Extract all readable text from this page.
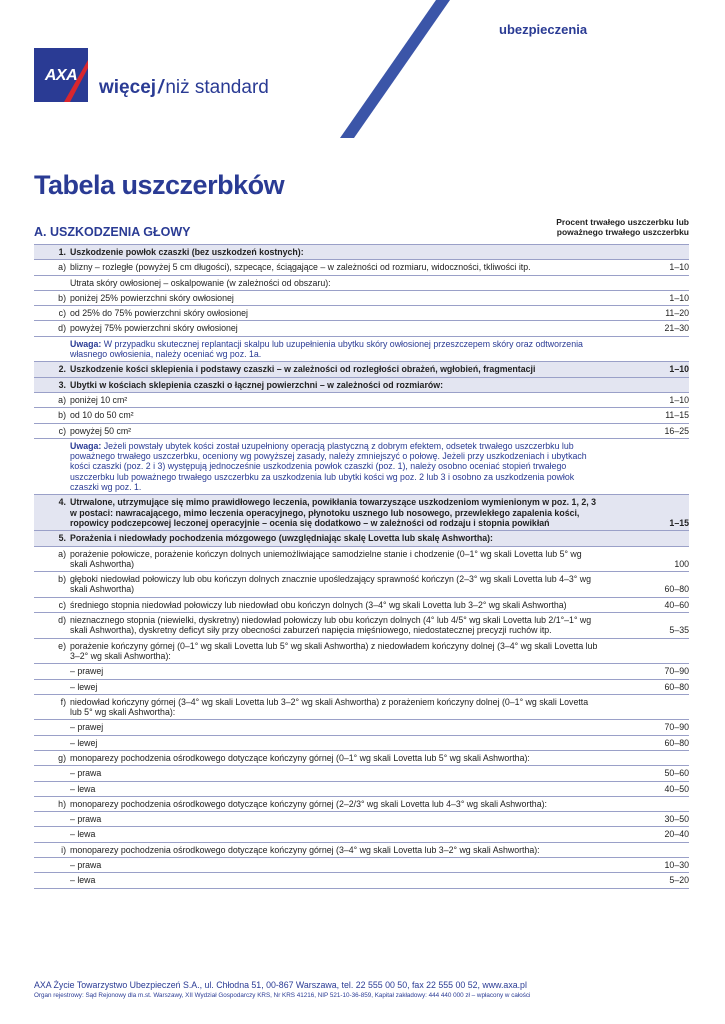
ubezpieczenia
AXA
więcej / niż standard
Tabela uszczerbków
A. USZKODZENIA GŁOWY
Procent trwałego uszczerbku lub poważnego trwałego uszczerbku
1.	Uszkodzenie powłok czaszki (bez uszkodzeń kostnych):	
a)	blizny – rozległe (powyżej 5 cm długości), szpecące, ściągające – w zależności od rozmiaru, widoczności, tkliwości itp.	1–10
	Utrata skóry owłosionej – oskalpowanie (w zależności od obszaru):	
b)	poniżej 25% powierzchni skóry owłosionej	1–10
c)	od 25% do 75% powierzchni skóry owłosionej	11–20
d)	powyżej 75% powierzchni skóry owłosionej	21–30
	Uwaga: W przypadku skutecznej replantacji skalpu lub uzupełnienia ubytku skóry owłosionej przeszczepem skóry oraz odtworzenia własnego owłosienia, należy oceniać wg poz. 1a.	
2.	Uszkodzenie kości sklepienia i podstawy czaszki – w zależności od rozległości obrażeń, wgłobień, fragmentacji	1–10
3.	Ubytki w kościach sklepienia czaszki o łącznej powierzchni – w zależności od rozmiarów:	
a)	poniżej 10 cm²	1–10
b)	od 10 do 50 cm²	11–15
c)	powyżej 50 cm²	16–25
	Uwaga: Jeżeli powstały ubytek kości został uzupełniony operacją plastyczną z dobrym efektem, odsetek trwałego uszczerbku lub poważnego trwałego uszczerbku, oceniony wg powyższej zasady, należy zmniejszyć o połowę. Jeżeli przy uszkodzeniach i ubytkach kości czaszki (poz. 2 i 3) występują jednocześnie uszkodzenia powłok czaszki (poz. 1), należy osobno oceniać stopień trwałego uszczerbku lub poważnego trwałego uszczerbku za uszkodzenia lub ubytki kości wg poz. 2 lub 3 i osobno za uszkodzenia powłok czaszki wg poz. 1.	
4.	Utrwalone, utrzymujące się mimo prawidłowego leczenia, powikłania towarzyszące uszkodzeniom wymienionym w poz. 1, 2, 3 w postaci: nawracającego, mimo leczenia operacyjnego, płynotoku usznego lub nosowego, przewlekłego zapalenia kości, ropowicy podczepcowej leczonej operacyjnie – ocenia się dodatkowo – w zależności od rodzaju i stopnia powikłań	1–15
5.	Porażenia i niedowłady pochodzenia mózgowego (uwzględniając skalę Lovetta lub skalę Ashwortha):	
a)	porażenie połowicze, porażenie kończyn dolnych uniemożliwiające samodzielne stanie i chodzenie (0–1° wg skali Lovetta lub 5° wg skali Ashwortha)	100
b)	głęboki niedowład połowiczy lub obu kończyn dolnych znacznie upośledzający sprawność kończyn (2–3° wg skali Lovetta lub 4–3° wg skali Ashwortha)	60–80
c)	średniego stopnia niedowład połowiczy lub niedowład obu kończyn dolnych (3–4° wg skali Lovetta lub 3–2° wg skali Ashwortha)	40–60
d)	nieznacznego stopnia (niewielki, dyskretny) niedowład połowiczy lub obu kończyn dolnych (4° lub 4/5° wg skali Lovetta lub 2/1°–1° wg skali Ashwortha), dyskretny deficyt siły przy obecności zaburzeń napięcia mięśniowego, niedostatecznej precyzji ruchów itp.	5–35
e)	porażenie kończyny górnej (0–1° wg skali Lovetta lub 5° wg skali Ashwortha) z niedowładem kończyny dolnej (3–4° wg skali Lovetta lub 3–2° wg skali Ashwortha):	
	– prawej	70–90
	– lewej	60–80
f)	niedowład kończyny górnej (3–4° wg skali Lovetta lub 3–2° wg skali Ashwortha) z porażeniem kończyny dolnej (0–1° wg skali Lovetta lub 5° wg skali Ashwortha):	
	– prawej	70–90
	– lewej	60–80
g)	monoparezy pochodzenia ośrodkowego dotyczące kończyny górnej (0–1° wg skali Lovetta lub 5° wg skali Ashwortha):	
	– prawa	50–60
	– lewa	40–50
h)	monoparezy pochodzenia ośrodkowego dotyczące kończyny górnej (2–2/3° wg skali Lovetta lub 4–3° wg skali Ashwortha):	
	– prawa	30–50
	– lewa	20–40
i)	monoparezy pochodzenia ośrodkowego dotyczące kończyny górnej (3–4° wg skali Lovetta lub 3–2° wg skali Ashwortha):	
	– prawa	10–30
	– lewa	5–20
AXA Życie Towarzystwo Ubezpieczeń S.A., ul. Chłodna 51, 00-867 Warszawa, tel. 22 555 00 50, fax 22 555 00 52, www.axa.pl
Organ rejestrowy: Sąd Rejonowy dla m.st. Warszawy, XII Wydział Gospodarczy KRS, Nr KRS 41216, NIP 521-10-36-859, Kapitał zakładowy: 444 440 000 zł – wpłacony w całości
